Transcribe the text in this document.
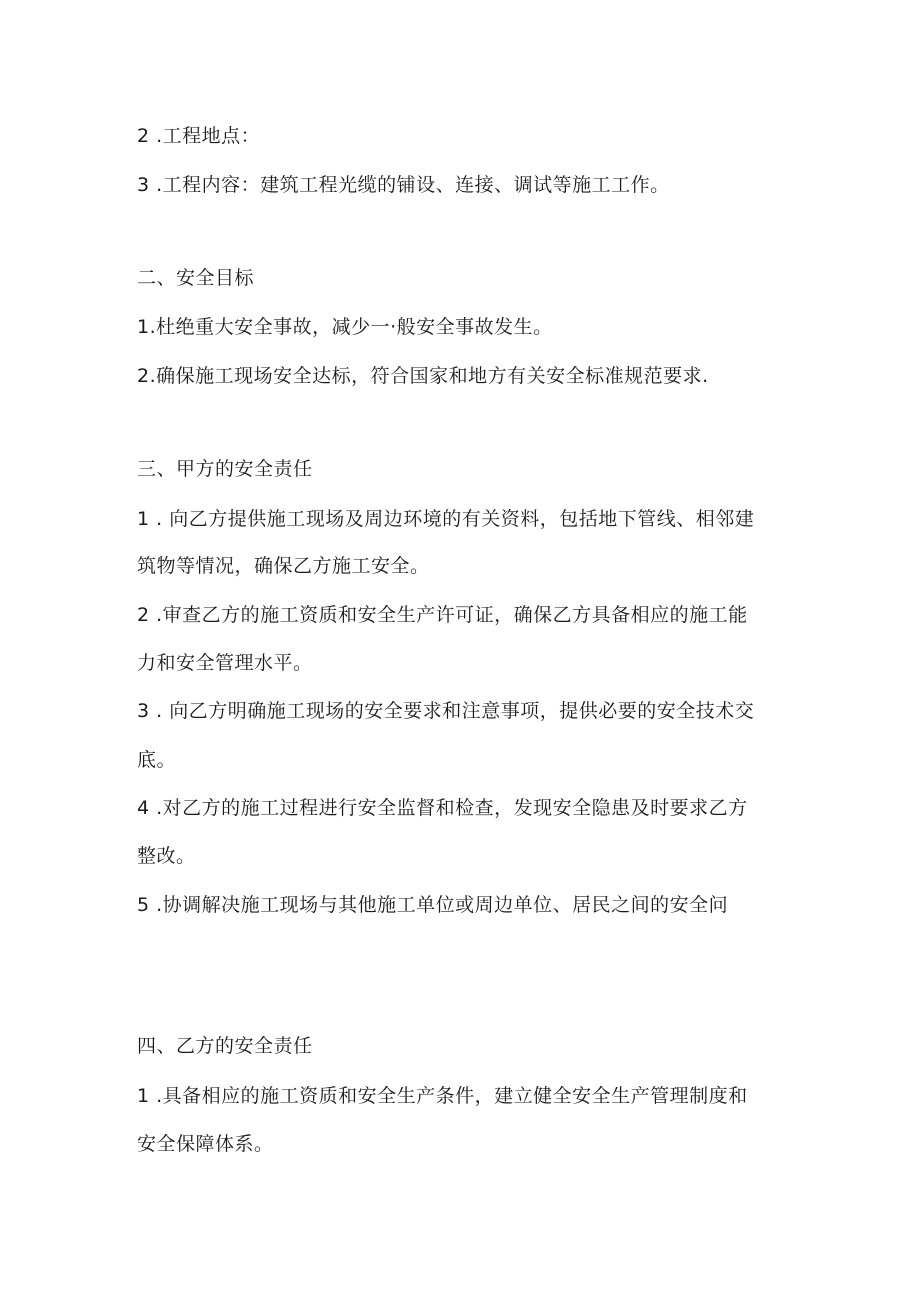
2 .工程地点：
3 .工程内容：建筑工程光缆的铺设、连接、调试等施工工作。
二、安全目标
1.杜绝重大安全事故，减少一·般安全事故发生。
2.确保施工现场安全达标，符合国家和地方有关安全标准规范要求.
三、甲方的安全责任
1 . 向乙方提供施工现场及周边环境的有关资料，包括地下管线、相邻建
筑物等情况，确保乙方施工安全。
2 .审查乙方的施工资质和安全生产许可证，确保乙方具备相应的施工能
力和安全管理水平。
3 . 向乙方明确施工现场的安全要求和注意事项，提供必要的安全技术交
底。
4 .对乙方的施工过程进行安全监督和检查，发现安全隐患及时要求乙方
整改。
5 .协调解决施工现场与其他施工单位或周边单位、居民之间的安全问
四、乙方的安全责任
1 .具备相应的施工资质和安全生产条件，建立健全安全生产管理制度和
安全保障体系。
